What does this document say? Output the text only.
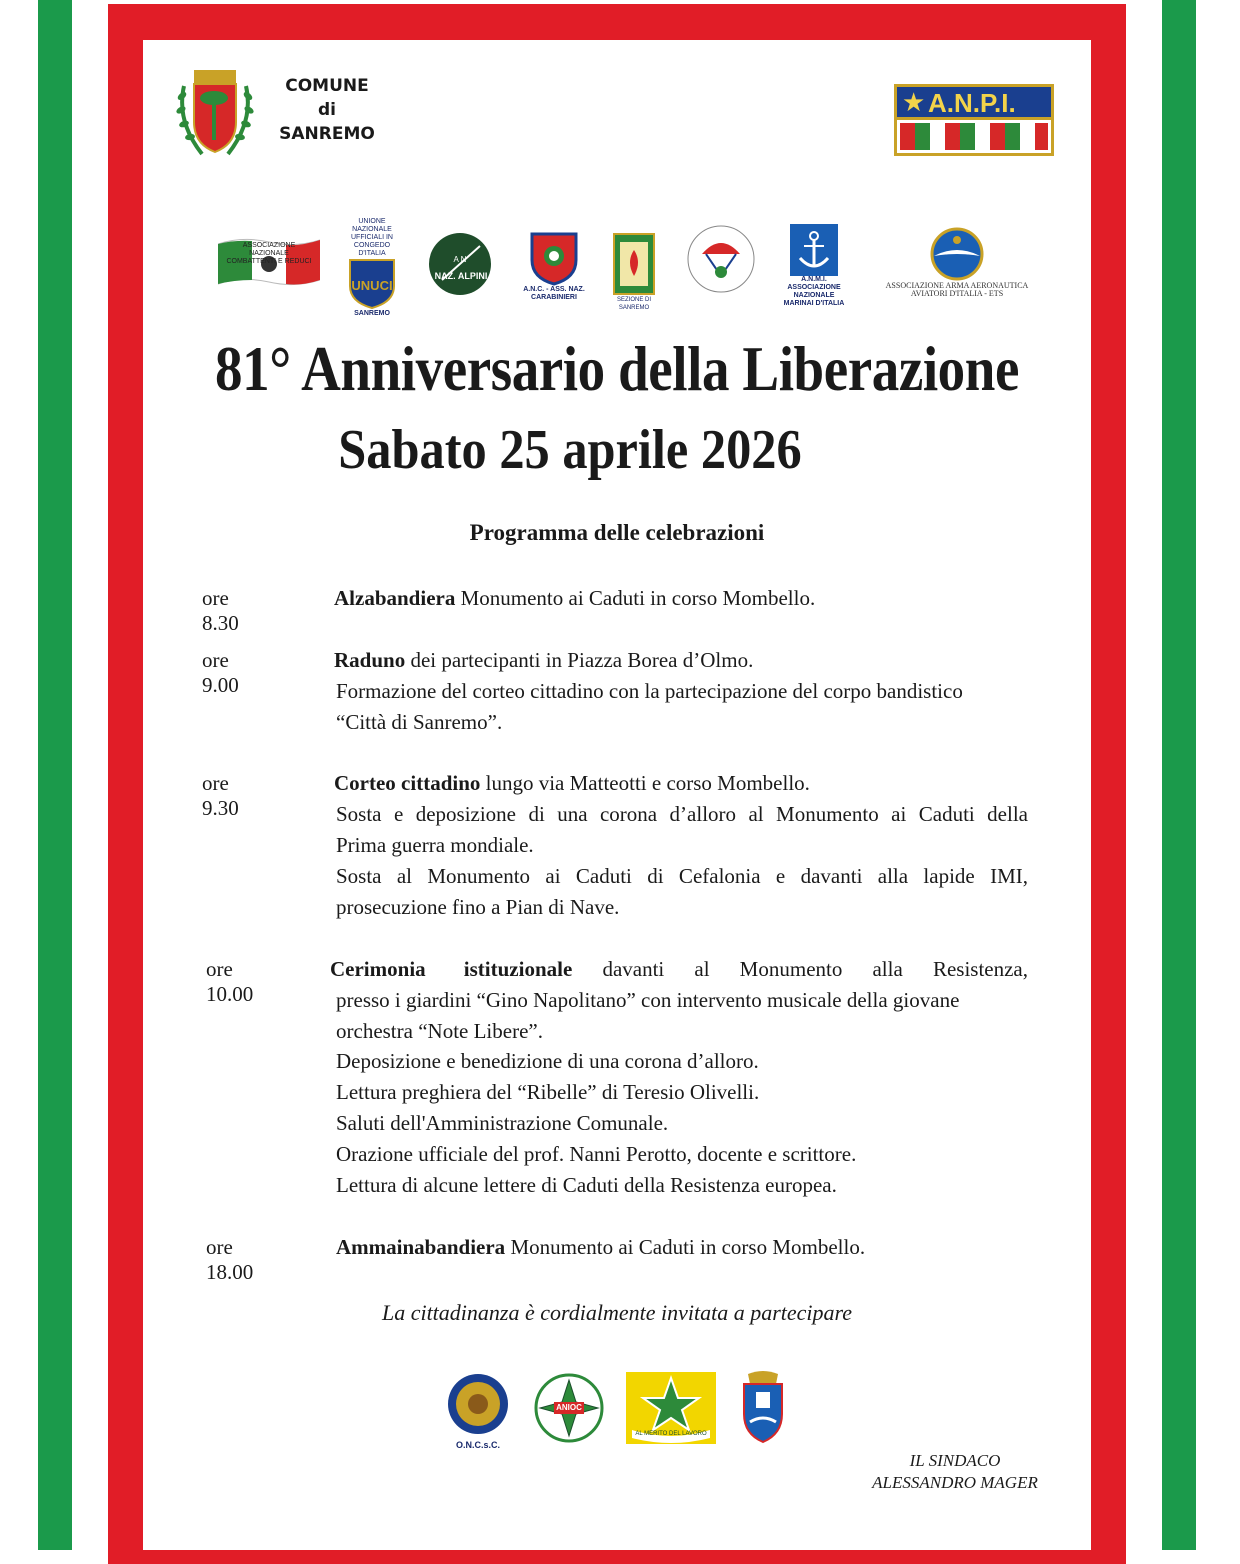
COMUNE
di
SANREMO
★ A.N.P.I.
ASSOCIAZIONE NAZIONALE
COMBATTENTI E REDUCI
UNIONE NAZIONALE
UFFICIALI IN CONGEDO
D'ITALIA
UNUCI
SANREMO
A N
NAZ. ALPINI
A.N.C. - ASS. NAZ.
CARABINIERI	SEZIONE DI SANREMO
A.N.M.I.
ASSOCIAZIONE NAZIONALE
MARINAI D'ITALIA
ASSOCIAZIONE ARMA AERONAUTICA
AVIATORI D'ITALIA - ETS
81° Anniversario della Liberazione
Sabato 25 aprile 2026
Programma delle celebrazioni
ore 8.30
Alzabandiera Monumento ai Caduti in corso Mombello.
ore 9.00
Raduno dei partecipanti in Piazza Borea d’Olmo.
Formazione del corteo cittadino con la partecipazione del corpo bandistico
“Città di Sanremo”.
ore 9.30
Corteo cittadino lungo via Matteotti e corso Mombello.
Sosta e deposizione di una corona d’alloro al Monumento ai Caduti della
Prima guerra mondiale.
Sosta al Monumento ai Caduti di Cefalonia e davanti alla lapide IMI,
prosecuzione fino a Pian di Nave.
ore 10.00
Cerimonia istituzionale davanti al Monumento alla Resistenza,
presso i giardini “Gino Napolitano” con intervento musicale della giovane
orchestra “Note Libere”.
Deposizione e benedizione di una corona d’alloro.
Lettura preghiera del “Ribelle” di Teresio Olivelli.
Saluti dell'Amministrazione Comunale.
Orazione ufficiale del prof. Nanni Perotto, docente e scrittore.
Lettura di alcune lettere di Caduti della Resistenza europea.
ore 18.00
Ammainabandiera Monumento ai Caduti in corso Mombello.
La cittadinanza è cordialmente invitata a partecipare
O.N.C.s.C.
ANIOC
AL MERITO DEL LAVORO
IL SINDACO
ALESSANDRO MAGER
